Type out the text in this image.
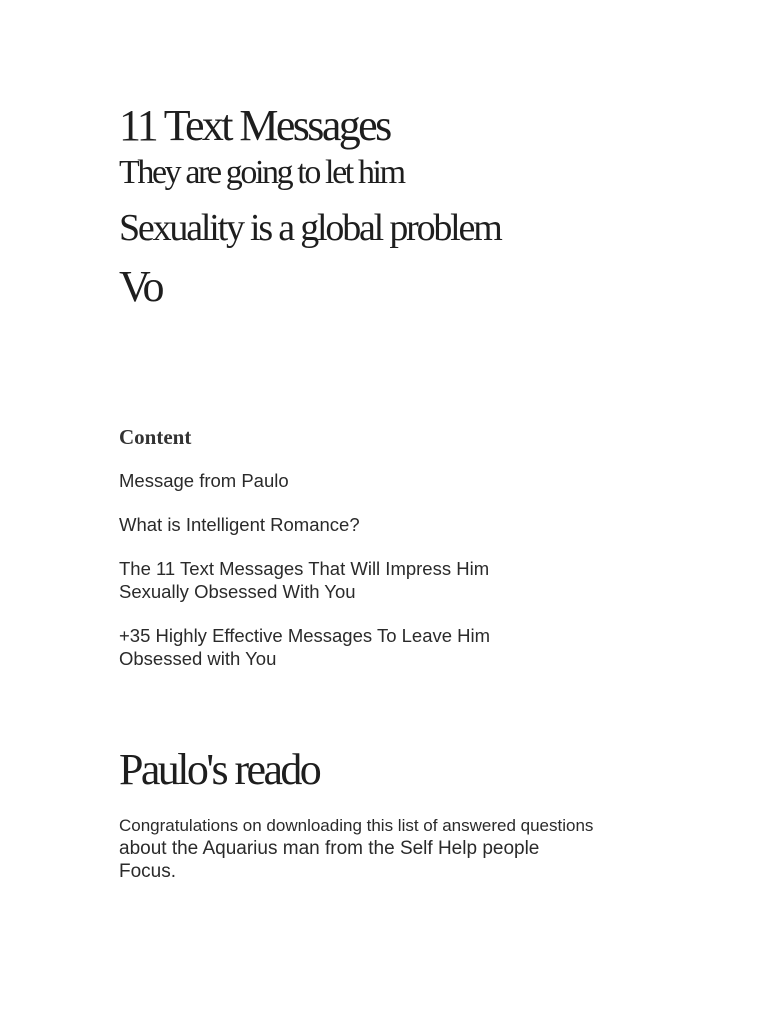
11 Text Messages
They are going to let him
Sexuality is a global problem
Vo
Content
Message from Paulo
What is Intelligent Romance?
The 11 Text Messages That Will Impress Him
Sexually Obsessed With You
+35 Highly Effective Messages To Leave Him
Obsessed with You
Paulo's reado

Congratulations on downloading this list of answered questions
about the Aquarius man from the Self Help people
Focus.
